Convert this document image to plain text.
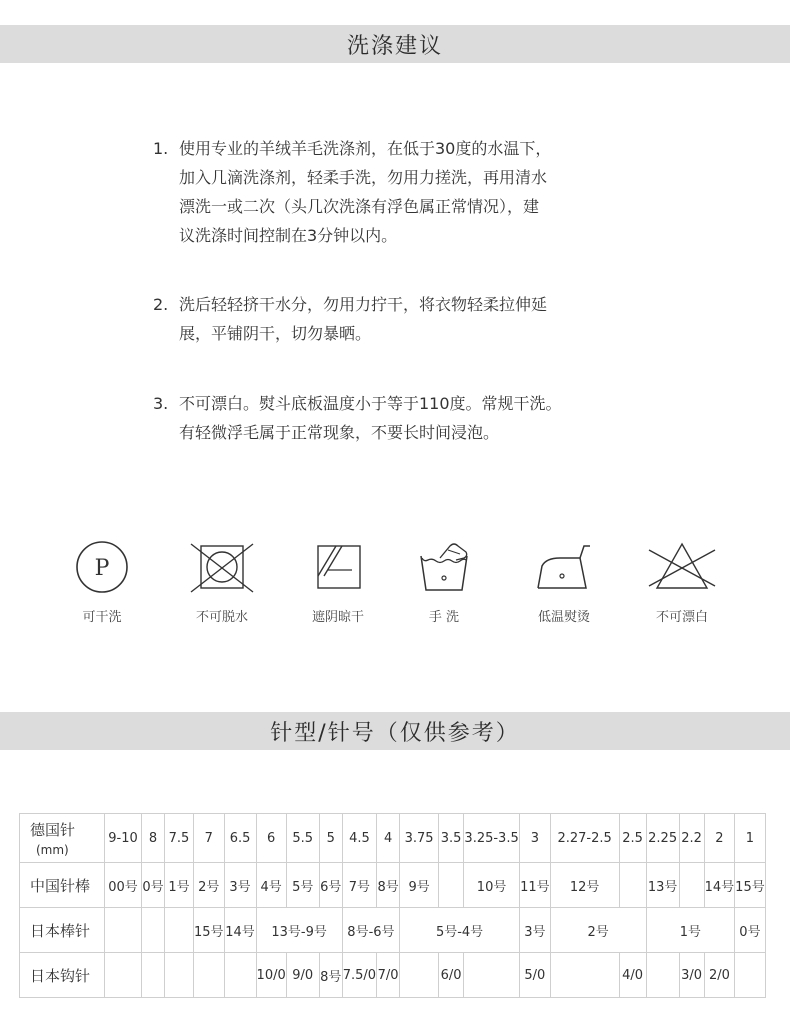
洗涤建议
1. 使用专业的羊绒羊毛洗涤剂，在低于30度的水温下，
加入几滴洗涤剂，轻柔手洗，勿用力搓洗，再用清水
漂洗一或二次（头几次洗涤有浮色属正常情况），建
议洗涤时间控制在3分钟以内。
2. 洗后轻轻挤干水分，勿用力拧干，将衣物轻柔拉伸延
展，平铺阴干，切勿暴晒。
3. 不可漂白。熨斗底板温度小于等于110度。常规干洗。
有轻微浮毛属于正常现象，不要长时间浸泡。
P
可干洗	不可脱水	遮阴晾干	手 洗	低温熨烫	不可漂白
针型/针号（仅供参考）
德国针
(mm)	9-10	8	7.5	7	6.5	6	5.5	5	4.5	4	3.75	3.5	3.25-3.5	3	2.27-2.5	2.5	2.25	2.2	2	1
中国针棒	00号	0号	1号	2号	3号	4号	5号	6号	7号	8号	9号		10号	11号	12号		13号		14号	15号
日本棒针				15号	14号	13号-9号			8号-6号		5号-4号			3号	2号		1号			0号
日本钩针						10/0	9/0	8号	7.5/0	7/0		6/0		5/0		4/0		3/0	2/0	
